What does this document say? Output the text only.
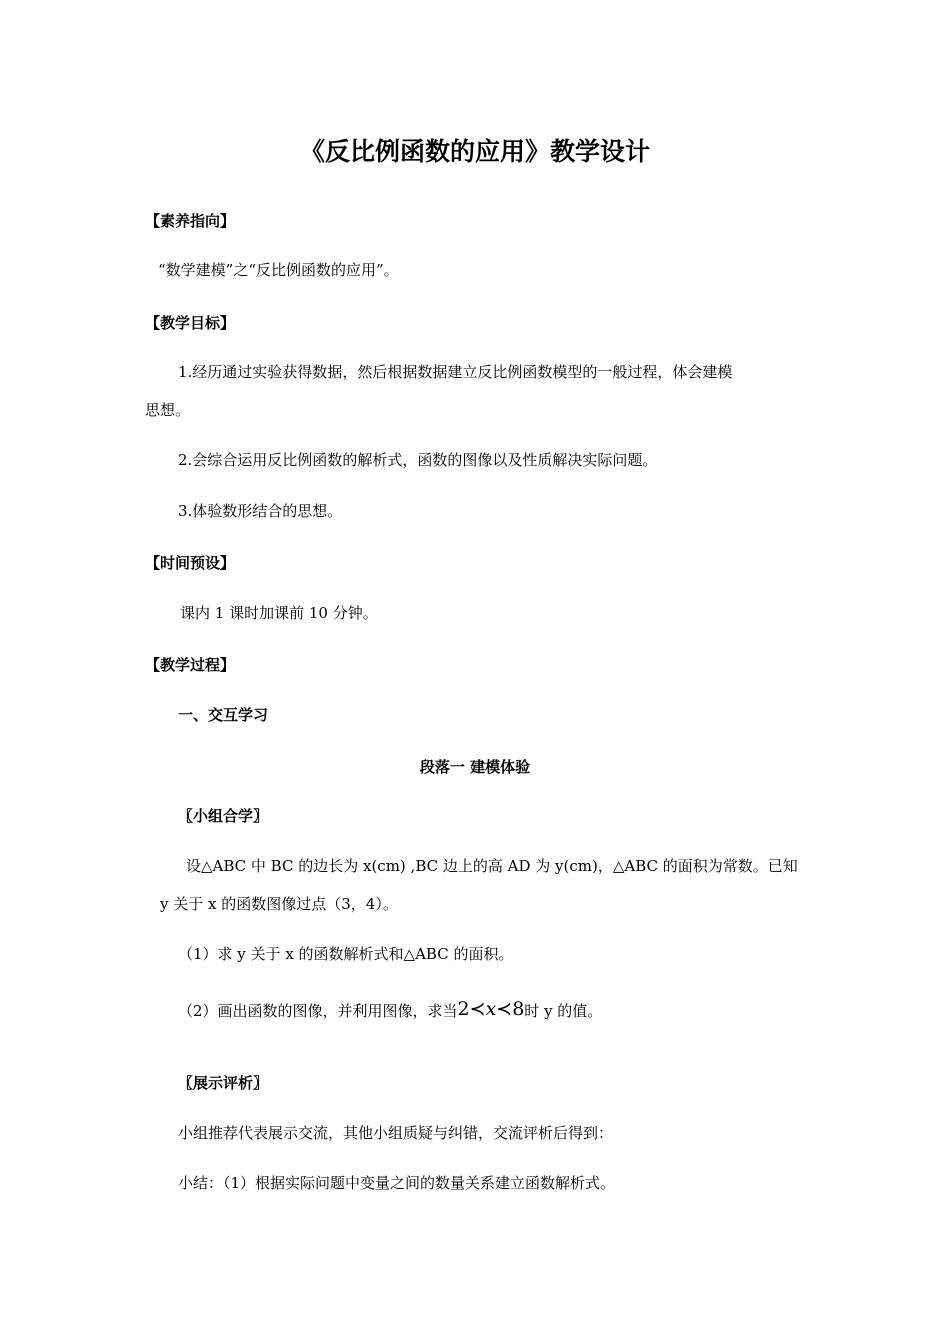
《反比例函数的应用》教学设计
【素养指向】
“数学建模”之“反比例函数的应用”。
【教学目标】
1.经历通过实验获得数据，然后根据数据建立反比例函数模型的一般过程，体会建模
思想。
2.会综合运用反比例函数的解析式，函数的图像以及性质解决实际问题。
3.体验数形结合的思想。
【时间预设】
课内 1 课时加课前 10 分钟。
【教学过程】
一、交互学习
段落一 建模体验
〖小组合学〗
设△ABC 中 BC 的边长为 x(cm) ,BC 边上的高 AD 为 y(cm)，△ABC 的面积为常数。已知
y 关于 x 的函数图像过点（3，4）。
（1）求 y 关于 x 的函数解析式和△ABC 的面积。
（2）画出函数的图像，并利用图像，求当2≺x≺8时 y 的值。
〖展示评析〗
小组推荐代表展示交流，其他小组质疑与纠错，交流评析后得到：
小结：（1）根据实际问题中变量之间的数量关系建立函数解析式。
